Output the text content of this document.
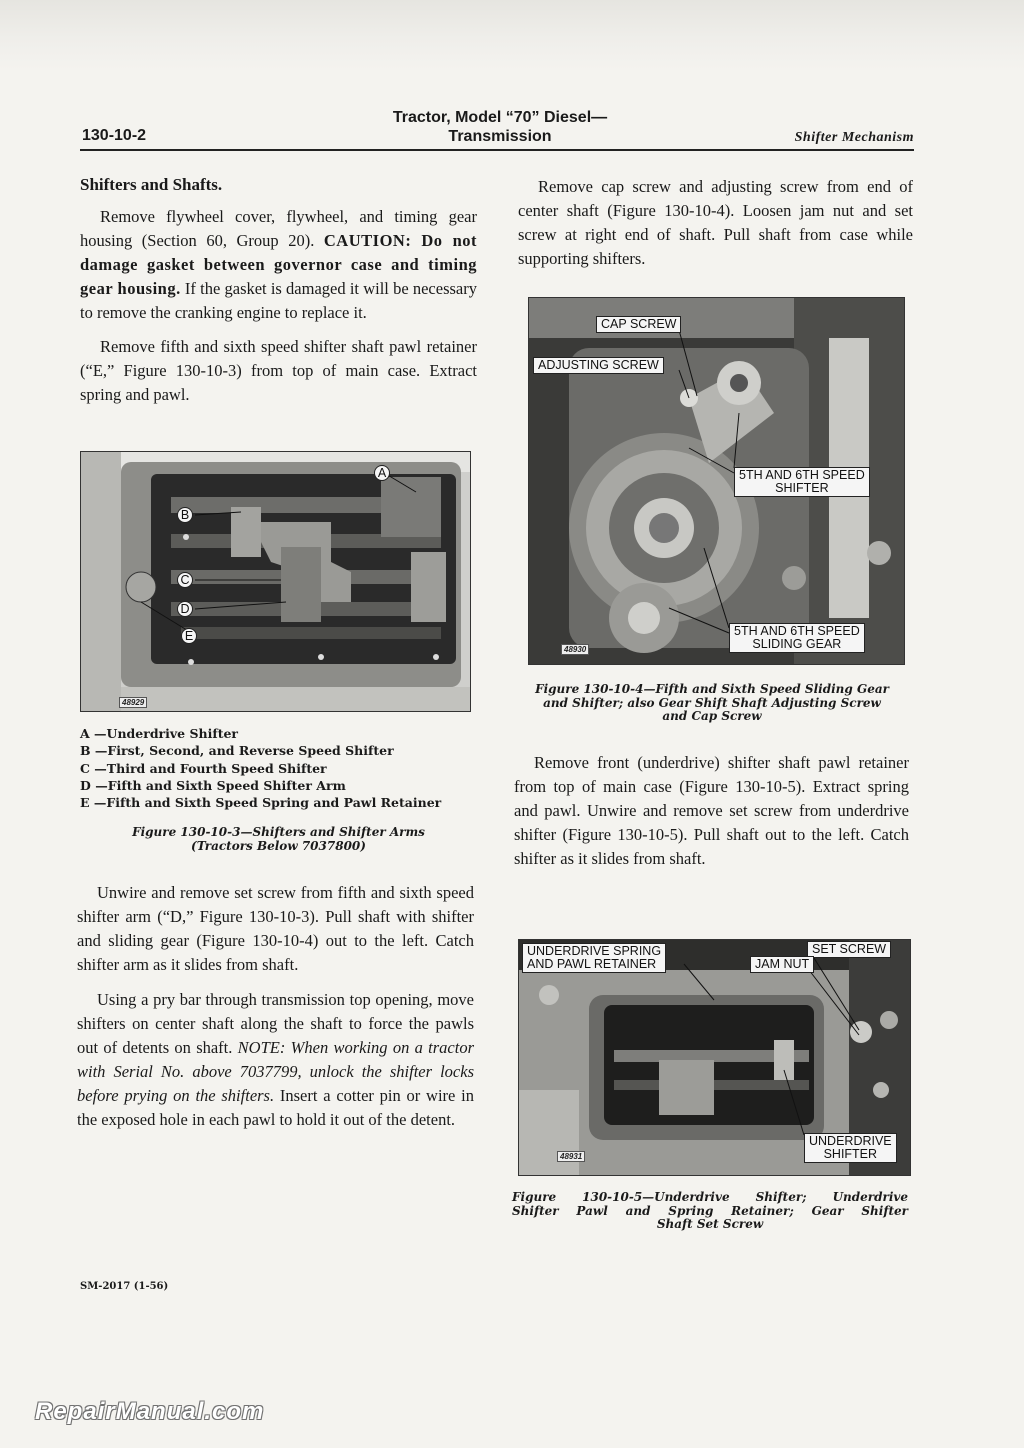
130-10-2
Tractor, Model “70” Diesel—
Transmission	Shifter Mechanism

Shifters and Shafts.

Remove flywheel cover, flywheel, and timing gear housing (Section 60, Group 20). CAUTION: Do not damage gasket between governor case and timing gear housing. If the gasket is damaged it will be necessary to remove the cranking engine to replace it.

Remove fifth and sixth speed shifter shaft pawl retainer (“E,” Figure 130-10-3) from top of main case. Extract spring and pawl.

A
B
C
D
E
48929
A —Underdrive Shifter
B —First, Second, and Reverse Speed Shifter
C —Third and Fourth Speed Shifter
D —Fifth and Sixth Speed Shifter Arm
E —Fifth and Sixth Speed Spring and Pawl Retainer
Figure 130-10-3—Shifters and Shifter Arms
(Tractors Below 7037800)

Unwire and remove set screw from fifth and sixth speed shifter arm (“D,” Figure 130-10-3). Pull shaft with shifter and sliding gear (Figure 130-10-4) out to the left. Catch shifter arm as it slides from shaft.

Using a pry bar through transmission top opening, move shifters on center shaft along the shaft to force the pawls out of detents on shaft. NOTE: When working on a tractor with Serial No. above 7037799, unlock the shifter locks before prying on the shifters. Insert a cotter pin or wire in the exposed hole in each pawl to hold it out of the detent.

Remove cap screw and adjusting screw from end of center shaft (Figure 130-10-4). Loosen jam nut and set screw at right end of shaft. Pull shaft from case while supporting shifters.

CAP SCREW
ADJUSTING SCREW
5TH AND 6TH SPEED
SHIFTER
5TH AND 6TH SPEED
SLIDING GEAR
48930
Figure 130-10-4—Fifth and Sixth Speed Sliding Gear
and Shifter; also Gear Shift Shaft Adjusting Screw
and Cap Screw

Remove front (underdrive) shifter shaft pawl retainer from top of main case (Figure 130-10-5). Extract spring and pawl. Unwire and remove set screw from underdrive shifter (Figure 130-10-5). Pull shaft out to the left. Catch shifter as it slides from shaft.

UNDERDRIVE SPRING
AND PAWL RETAINER
SET SCREW
JAM NUT
UNDERDRIVE
SHIFTER
48931
Figure 130-10-5—Underdrive Shifter; Underdrive
Shifter Pawl and Spring Retainer; Gear Shifter
Shaft Set Screw
SM-2017 (1-56)
RepairManual.com
